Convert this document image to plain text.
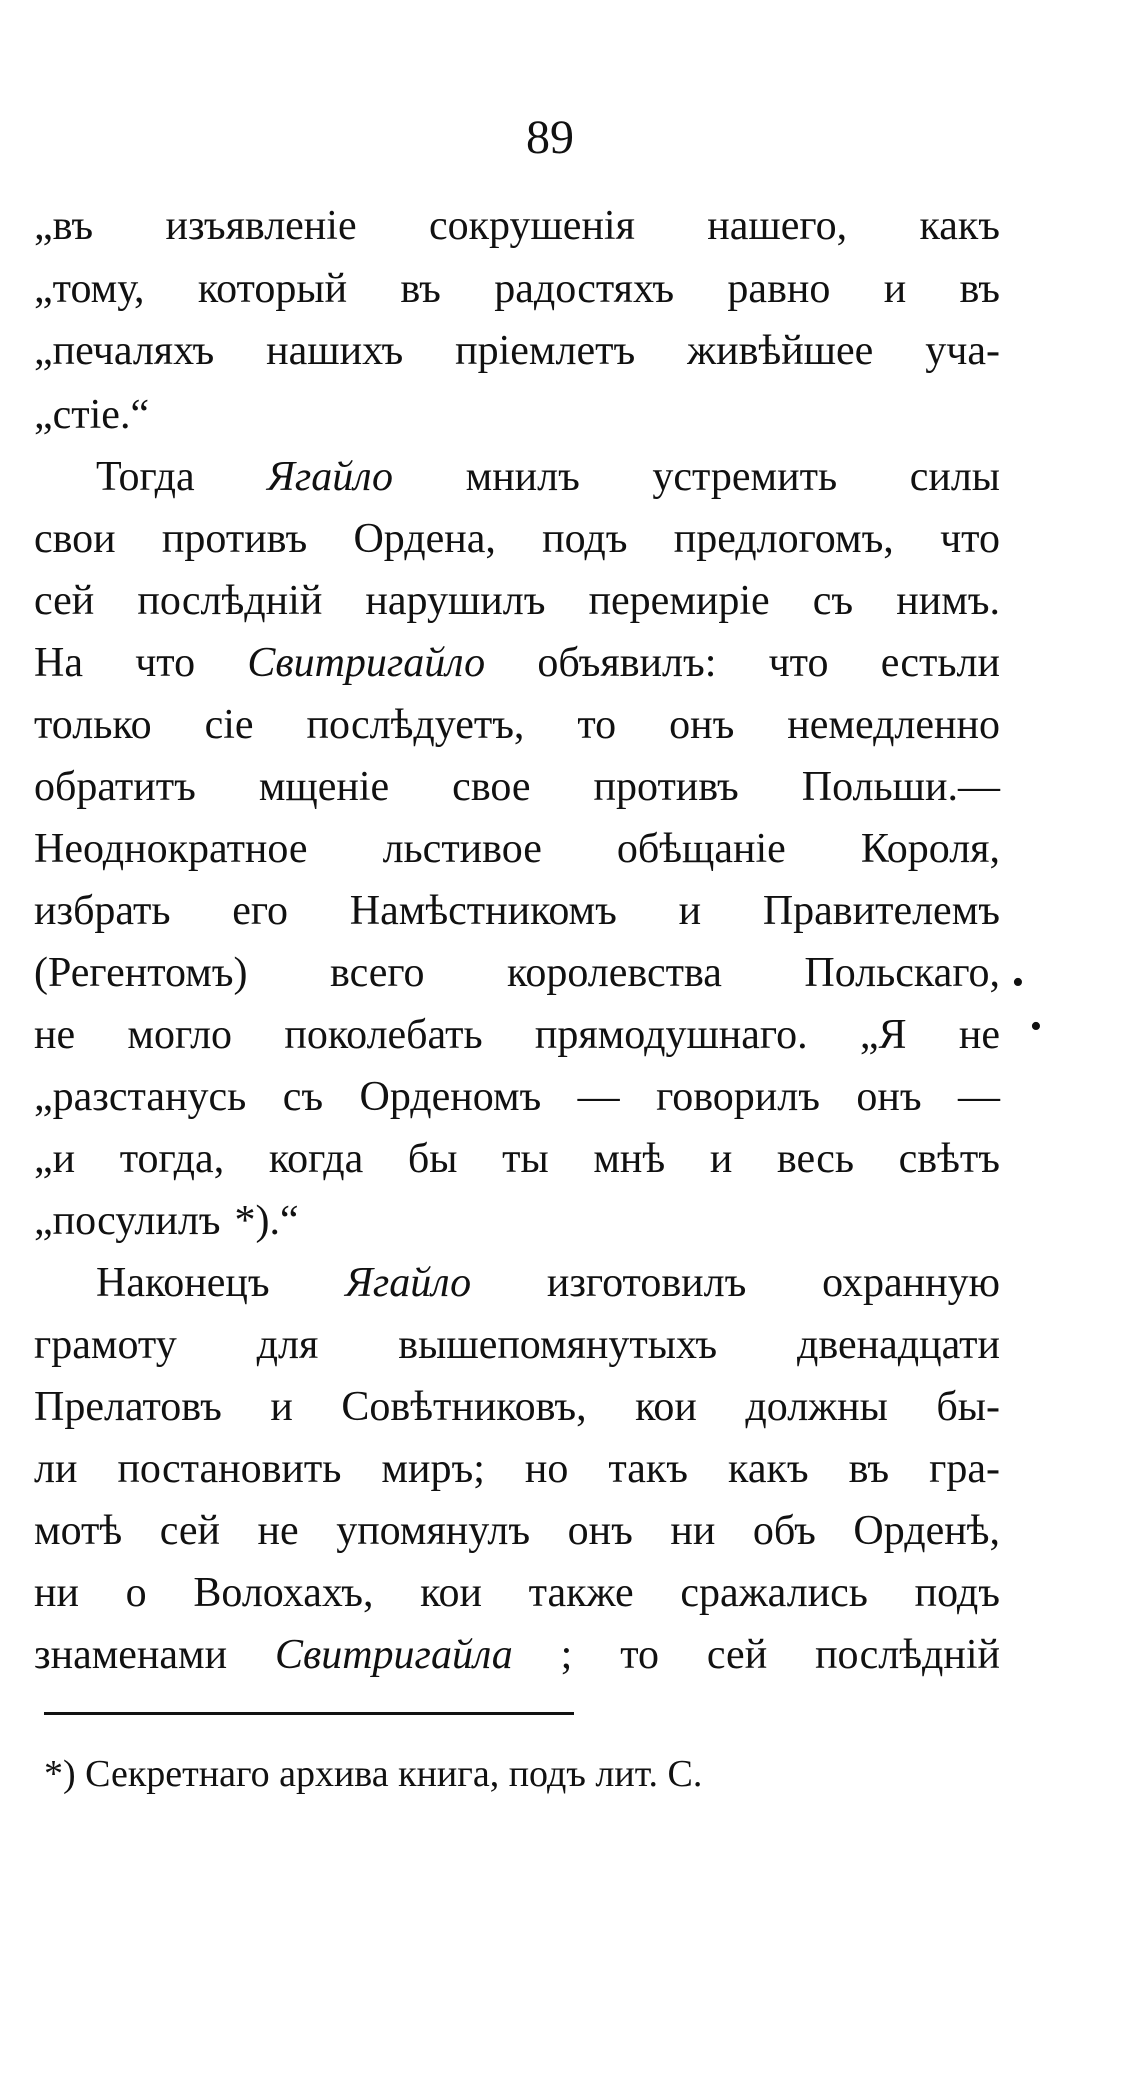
89
„въ изъявленіе сокрушенія нашего, какъ
„тому, который въ радостяхъ равно и въ
„печаляхъ нашихъ пріемлетъ живѣйшее уча-
„стіе.“
Тогда Ягайло мнилъ устремить силы
свои противъ Ордена, подъ предлогомъ, что
сей послѣдній нарушилъ перемиріе съ нимъ.
На что Свитригайло объявилъ: что естьли
только сіе послѣдуетъ, то онъ немедленно
обратитъ мщеніе свое противъ Польши.—
Неоднократное льстивое обѣщаніе Короля,
избрать его Намѣстникомъ и Правителемъ
(Регентомъ) всего королевства Польскаго,
не могло поколебать прямодушнаго. „Я не
„разстанусь съ Орденомъ — говорилъ онъ —
„и тогда, когда бы ты мнѣ и весь свѣтъ
„посулилъ *).“
Наконецъ Ягайло изготовилъ охранную
грамоту для вышепомянутыхъ двенадцати
Прелатовъ и Совѣтниковъ, кои должны бы-
ли постановить миръ; но такъ какъ въ гра-
мотѣ сей не упомянулъ онъ ни объ Орденѣ,
ни о Волохахъ, кои также сражались подъ
знаменами Свитригайла ; то сей послѣдній
*) Секретнаго архива книга, подъ лит. С.
•
•
